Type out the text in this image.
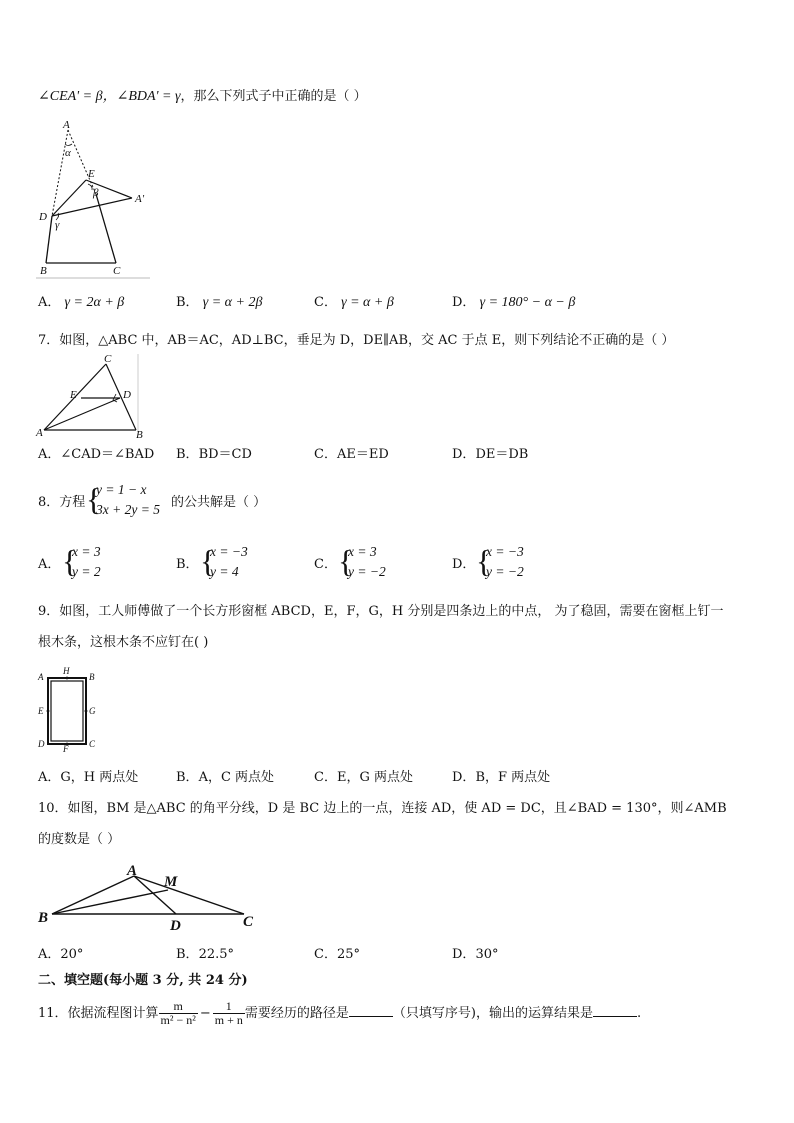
∠CEA' = β，∠BDA' = γ，那么下列式子中正确的是（ ）
A
α
E
β	A'
D
γ
B	C
A． γ = 2α + β	B． γ = α + 2β	C． γ = α + β	D． γ = 180° − α − β
7．如图，△ABC 中，AB＝AC，AD⊥BC，垂足为 D，DE∥AB，交 AC 于点 E，则下列结论不正确的是（ ）
C
E	D
A	B
A．∠CAD＝∠BAD B．BD＝CD	C．AE＝ED	D．DE＝DB
8．方程 {
y = 1 − x
3x + 2y = 5 的公共解是（ ）
A． {
x = 3
y = 2	B． {
x = −3
y = 4	C． {
x = 3
y = −2	D． {
x = −3
y = −2
9．如图，工人师傅做了一个长方形窗框 ABCD，E，F，G，H 分别是四条边上的中点， 为了稳固，需要在窗框上钉一
根木条，这根木条不应钉在( )
A
H
B
E	G
D F C
A．G，H 两点处	B．A，C 两点处	C．E，G 两点处	D．B，F 两点处
10．如图，BM 是△ABC 的角平分线，D 是 BC 边上的一点，连接 AD，使 AD = DC，且∠BAD = 130°，则∠AMB
的度数是（ ）
A
M
B	D	C
A．20°	B．22.5°	C．25°	D．30°
二、填空题(每小题 3 分, 共 24 分)
11．依据流程图计算 $\frac{m}{\text{m² − n²}} - \frac{1}{m + n}$ 需要经历的路径是	（只填写序号)，输出的运算结果是	.
